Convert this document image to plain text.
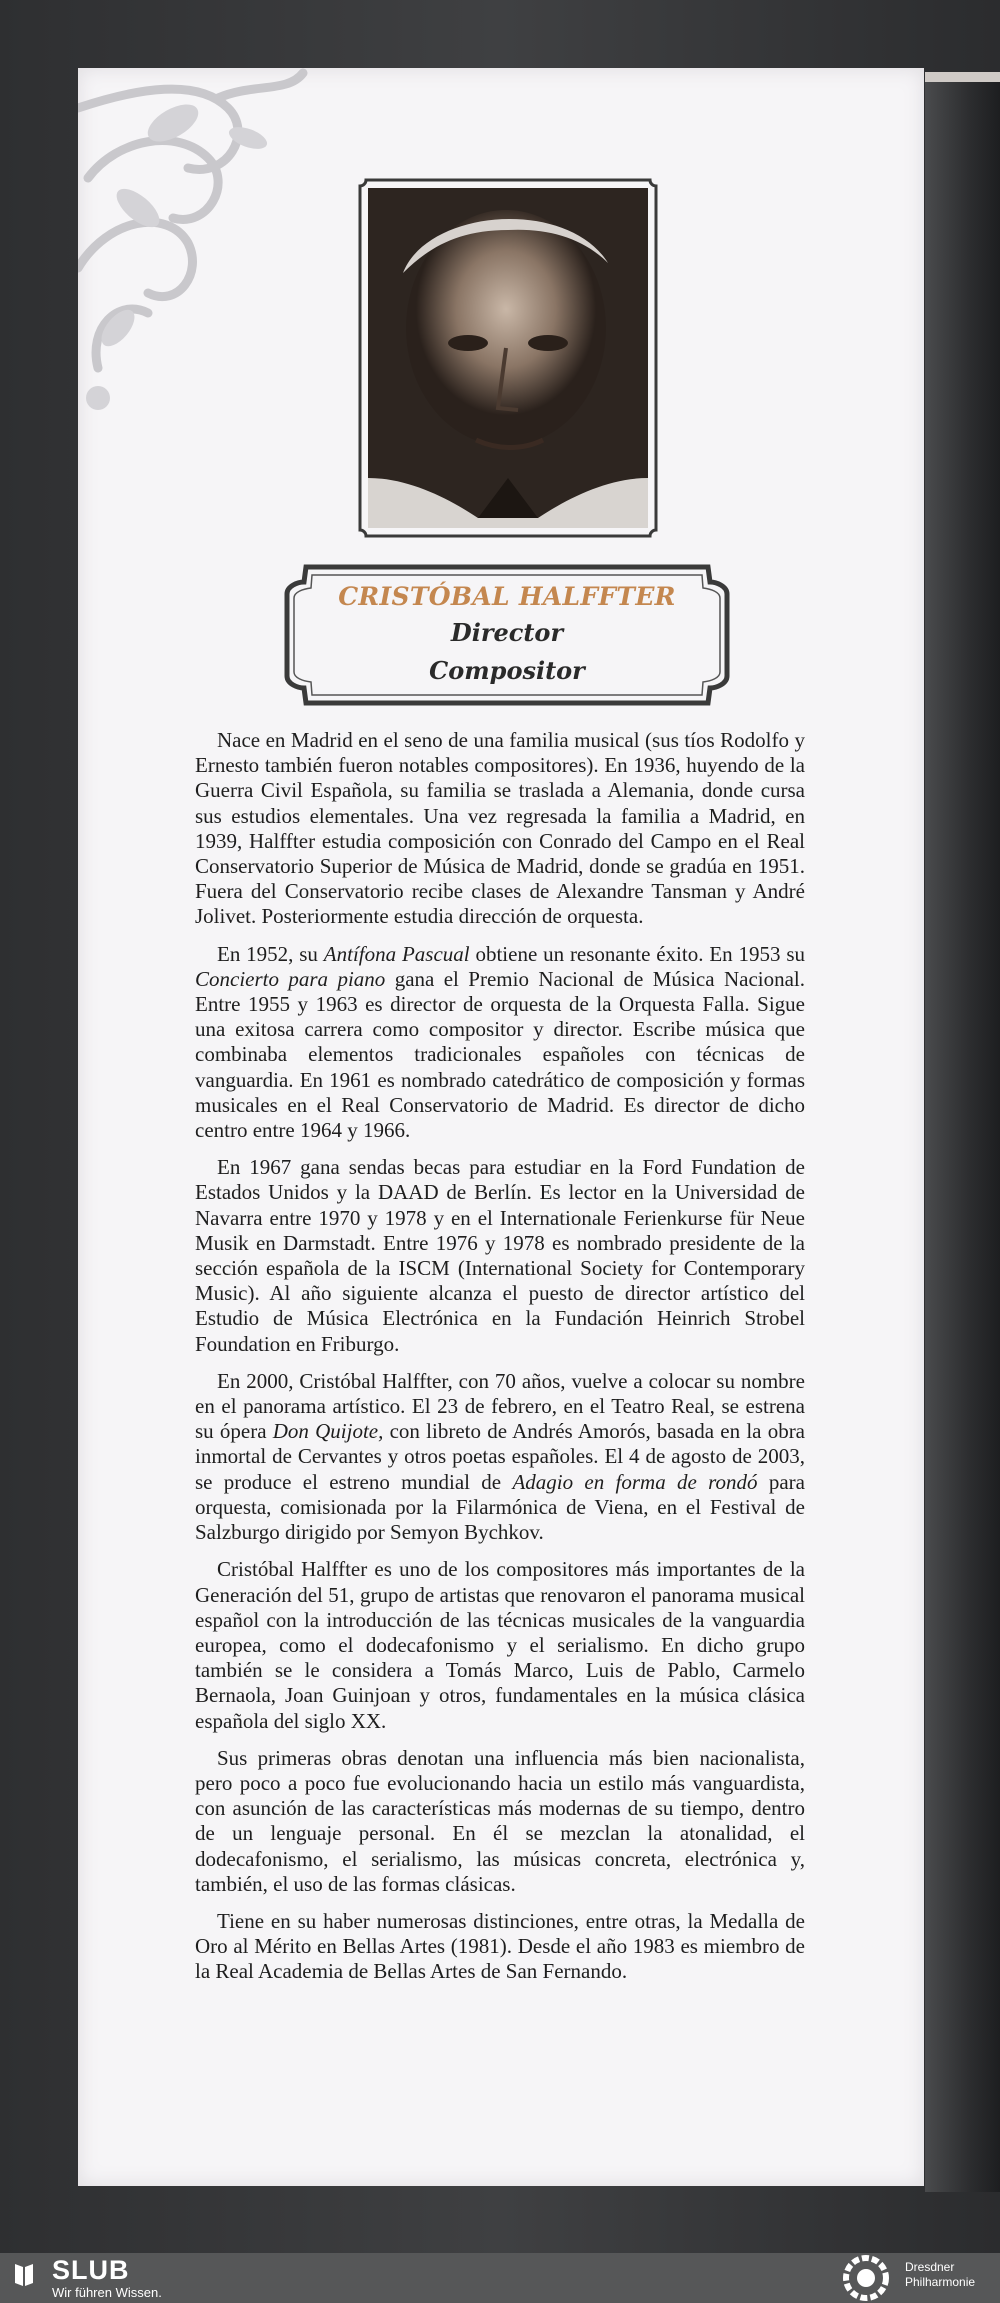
CRISTÓBAL HALFFTER
Director
Compositor

Nace en Madrid en el seno de una familia musical (sus tíos Rodolfo y Ernesto también fueron notables compositores). En 1936, huyendo de la Guerra Civil Española, su familia se traslada a Alemania, donde cursa sus estudios elementales. Una vez regresada la familia a Madrid, en 1939, Halffter estudia composición con Conrado del Campo en el Real Conservatorio Superior de Música de Madrid, donde se gradúa en 1951. Fuera del Conservatorio recibe clases de Alexandre Tansman y André Jolivet. Posteriormente estudia dirección de orquesta.

En 1952, su Antífona Pascual obtiene un resonante éxito. En 1953 su Concierto para piano gana el Premio Nacional de Música Nacional. Entre 1955 y 1963 es director de orquesta de la Orquesta Falla. Sigue una exitosa carrera como compositor y director. Escribe música que combinaba elementos tradicionales españoles con técnicas de vanguardia. En 1961 es nombrado catedrático de composición y formas musicales en el Real Conservatorio de Madrid. Es director de dicho centro entre 1964 y 1966.

En 1967 gana sendas becas para estudiar en la Ford Fundation de Estados Unidos y la DAAD de Berlín. Es lector en la Universidad de Navarra entre 1970 y 1978 y en el Internationale Ferienkurse für Neue Musik en Darmstadt. Entre 1976 y 1978 es nombrado presidente de la sección española de la ISCM (International Society for Contemporary Music). Al año siguiente alcanza el puesto de director artístico del Estudio de Música Electrónica en la Fundación Heinrich Strobel Foundation en Friburgo.

En 2000, Cristóbal Halffter, con 70 años, vuelve a colocar su nombre en el panorama artístico. El 23 de febrero, en el Teatro Real, se estrena su ópera Don Quijote, con libreto de Andrés Amorós, basada en la obra inmortal de Cervantes y otros poetas españoles. El 4 de agosto de 2003, se produce el estreno mundial de Adagio en forma de rondó para orquesta, comisionada por la Filarmónica de Viena, en el Festival de Salzburgo dirigido por Semyon Bychkov.

Cristóbal Halffter es uno de los compositores más importantes de la Generación del 51, grupo de artistas que renovaron el panorama musical español con la introducción de las técnicas musicales de la vanguardia europea, como el dodecafonismo y el serialismo. En dicho grupo también se le considera a Tomás Marco, Luis de Pablo, Carmelo Bernaola, Joan Guinjoan y otros, fundamentales en la música clásica española del siglo XX.

Sus primeras obras denotan una influencia más bien nacionalista, pero poco a poco fue evolucionando hacia un estilo más vanguardista, con asunción de las características más modernas de su tiempo, dentro de un lenguaje personal. En él se mezclan la atonalidad, el dodecafonismo, el serialismo, las músicas concreta, electrónica y, también, el uso de las formas clásicas.

Tiene en su haber numerosas distinciones, entre otras, la Medalla de Oro al Mérito en Bellas Artes (1981). Desde el año 1983 es miembro de la Real Academia de Bellas Artes de San Fernando.

SLUB
Wir führen Wissen.
Dresdner
Philharmonie
